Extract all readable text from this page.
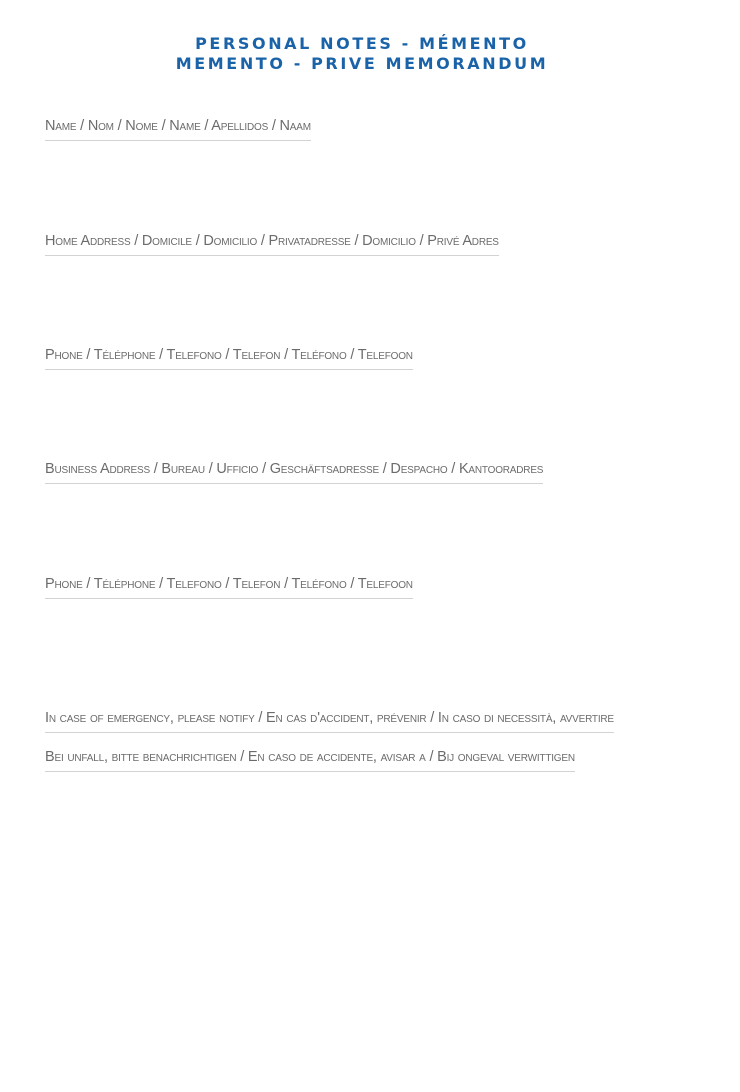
PERSONAL NOTES - MÉMENTO
MEMENTO - PRIVE MEMORANDUM
Name / Nom / Nome / Name / Apellidos / Naam
Home Address / Domicile / Domicilio / Privatadresse / Domicilio / Privé Adres
Phone / Téléphone / Telefono / Telefon / Teléfono / Telefoon
Business Address / Bureau / Ufficio / Geschäftsadresse / Despacho / Kantooradres
Phone / Téléphone / Telefono / Telefon / Teléfono / Telefoon
In case of emergency, please notify / En cas d'accident, prévenir / In caso di necessità, avvertire
Bei unfall, bitte benachrichtigen / En caso de accidente, avisar a / Bij ongeval verwittigen
